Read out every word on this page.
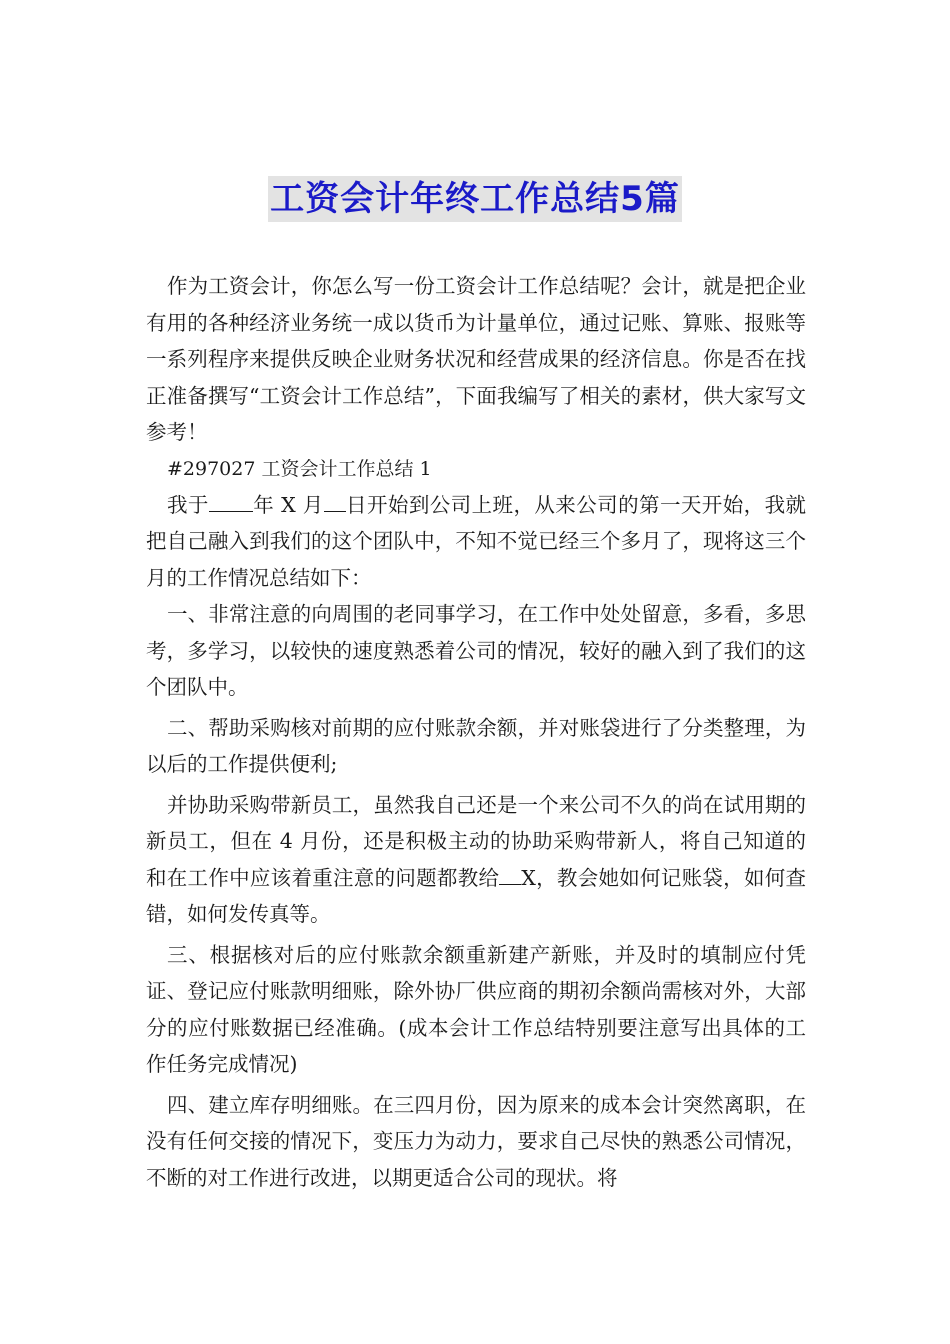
工资会计年终工作总结5篇

作为工资会计，你怎么写一份工资会计工作总结呢？会计，就是把企业有用的各种经济业务统一成以货币为计量单位，通过记账、算账、报账等一系列程序来提供反映企业财务状况和经营成果的经济信息。你是否在找正准备撰写“工资会计工作总结”，下面我编写了相关的素材，供大家写文参考！

#297027 工资会计工作总结 1

我于 年 X 月 日开始到公司上班，从来公司的第一天开始，我就把自己融入到我们的这个团队中，不知不觉已经三个多月了，现将这三个月的工作情况总结如下：

一、非常注意的向周围的老同事学习，在工作中处处留意，多看，多思考，多学习，以较快的速度熟悉着公司的情况，较好的融入到了我们的这个团队中。

二、帮助采购核对前期的应付账款余额，并对账袋进行了分类整理，为以后的工作提供便利;

并协助采购带新员工，虽然我自己还是一个来公司不久的尚在试用期的新员工，但在 4 月份，还是积极主动的协助采购带新人，将自己知道的和在工作中应该着重注意的问题都教给 X，教会她如何记账袋，如何查错，如何发传真等。

三、根据核对后的应付账款余额重新建产新账，并及时的填制应付凭证、登记应付账款明细账，除外协厂供应商的期初余额尚需核对外，大部分的应付账数据已经准确。(成本会计工作总结特别要注意写出具体的工作任务完成情况)

四、建立库存明细账。在三四月份，因为原来的成本会计突然离职，在没有任何交接的情况下，变压力为动力，要求自己尽快的熟悉公司情况，不断的对工作进行改进，以期更适合公司的现状。将
